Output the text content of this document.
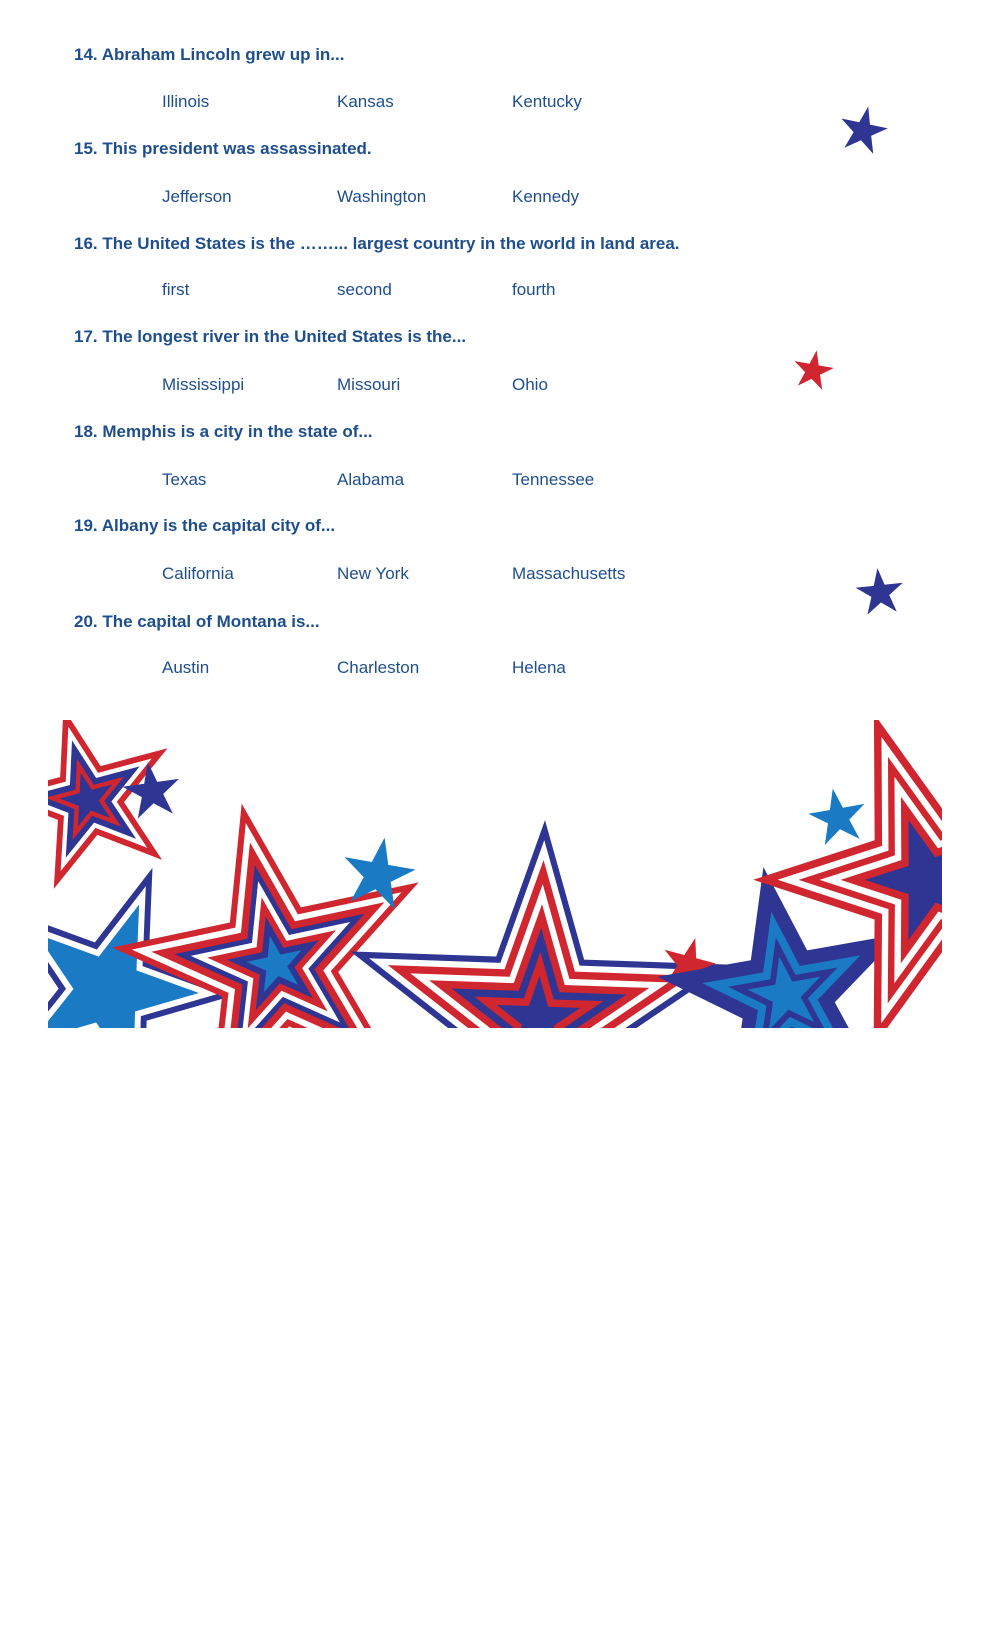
14. Abraham Lincoln grew up in...
Illinois	Kansas	Kentucky
15. This president was assassinated.
Jefferson	Washington	Kennedy
16. The United States is the ……... largest country in the world in land area.
first	second	fourth
17. The longest river in the United States is the...
Mississippi	Missouri	Ohio
18. Memphis is a city in the state of...
Texas	Alabama	Tennessee
19. Albany is the capital city of...
California	New York	Massachusetts
20. The capital of Montana is...
Austin	Charleston	Helena
